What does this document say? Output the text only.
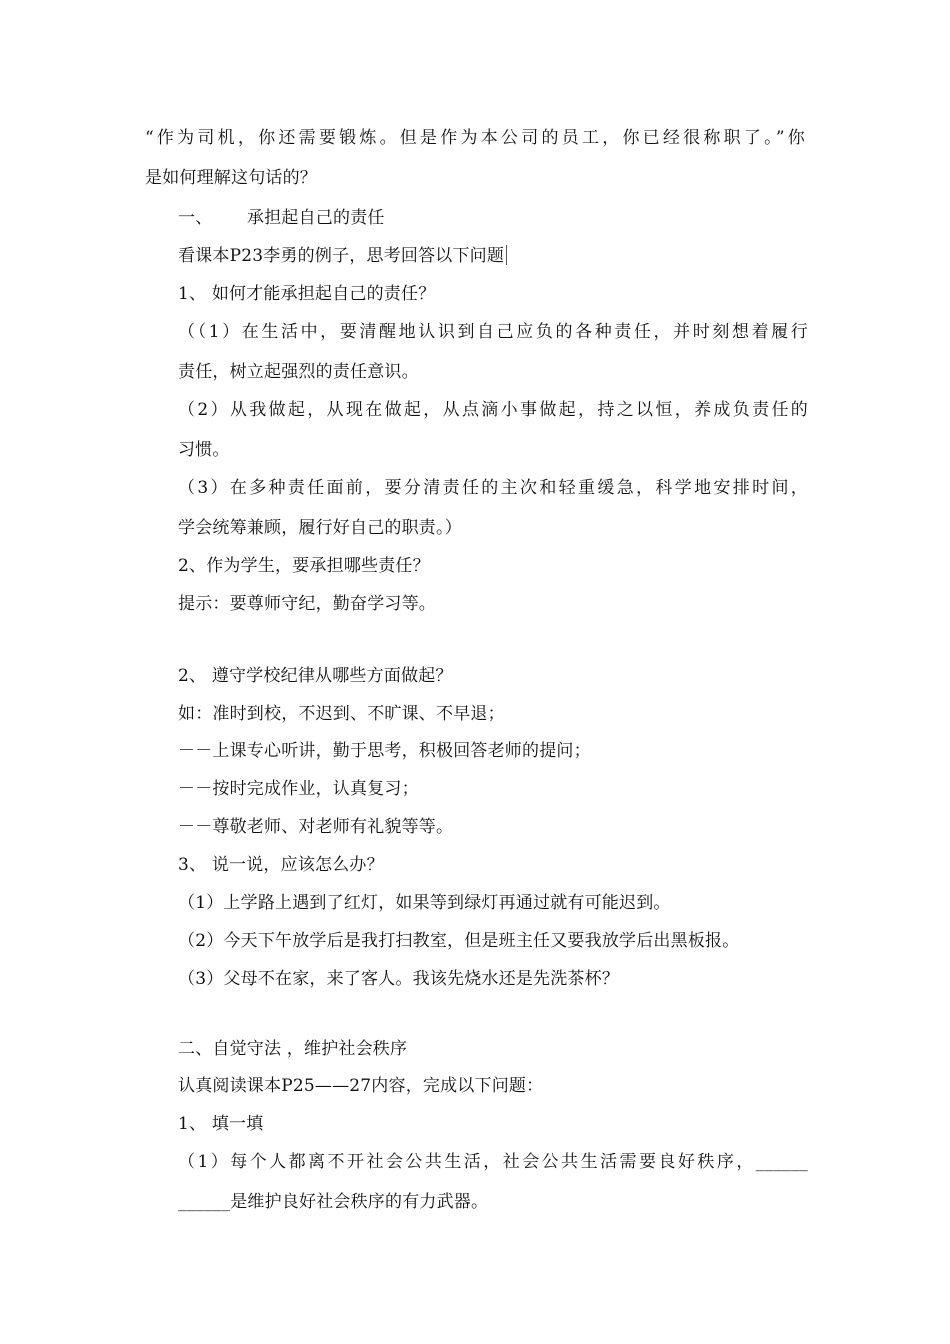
“作为司机，你还需要锻炼。但是作为本公司的员工，你已经很称职了。”你
是如何理解这句话的？
一、 承担起自己的责任
看课本P23李勇的例子，思考回答以下问题
1、 如何才能承担起自己的责任？
（（1）在生活中，要清醒地认识到自己应负的各种责任，并时刻想着履行
责任，树立起强烈的责任意识。
（2）从我做起，从现在做起，从点滴小事做起，持之以恒，养成负责任的
习惯。
（3）在多种责任面前，要分清责任的主次和轻重缓急，科学地安排时间，
学会统筹兼顾，履行好自己的职责。）
2、作为学生，要承担哪些责任？
提示：要尊师守纪，勤奋学习等。
2、 遵守学校纪律从哪些方面做起？
如：准时到校，不迟到、不旷课、不早退；
－－上课专心听讲，勤于思考，积极回答老师的提问；
－－按时完成作业，认真复习；
－－尊敬老师、对老师有礼貌等等。
3、 说一说，应该怎么办？
（1）上学路上遇到了红灯，如果等到绿灯再通过就有可能迟到。
（2）今天下午放学后是我打扫教室，但是班主任又要我放学后出黑板报。
（3）父母不在家，来了客人。我该先烧水还是先洗茶杯？
二、自觉守法 ，维护社会秩序
认真阅读课本P25——27内容，完成以下问题：
1、 填一填
（1）每个人都离不开社会公共生活，社会公共生活需要良好秩序，______
______是维护良好社会秩序的有力武器。
